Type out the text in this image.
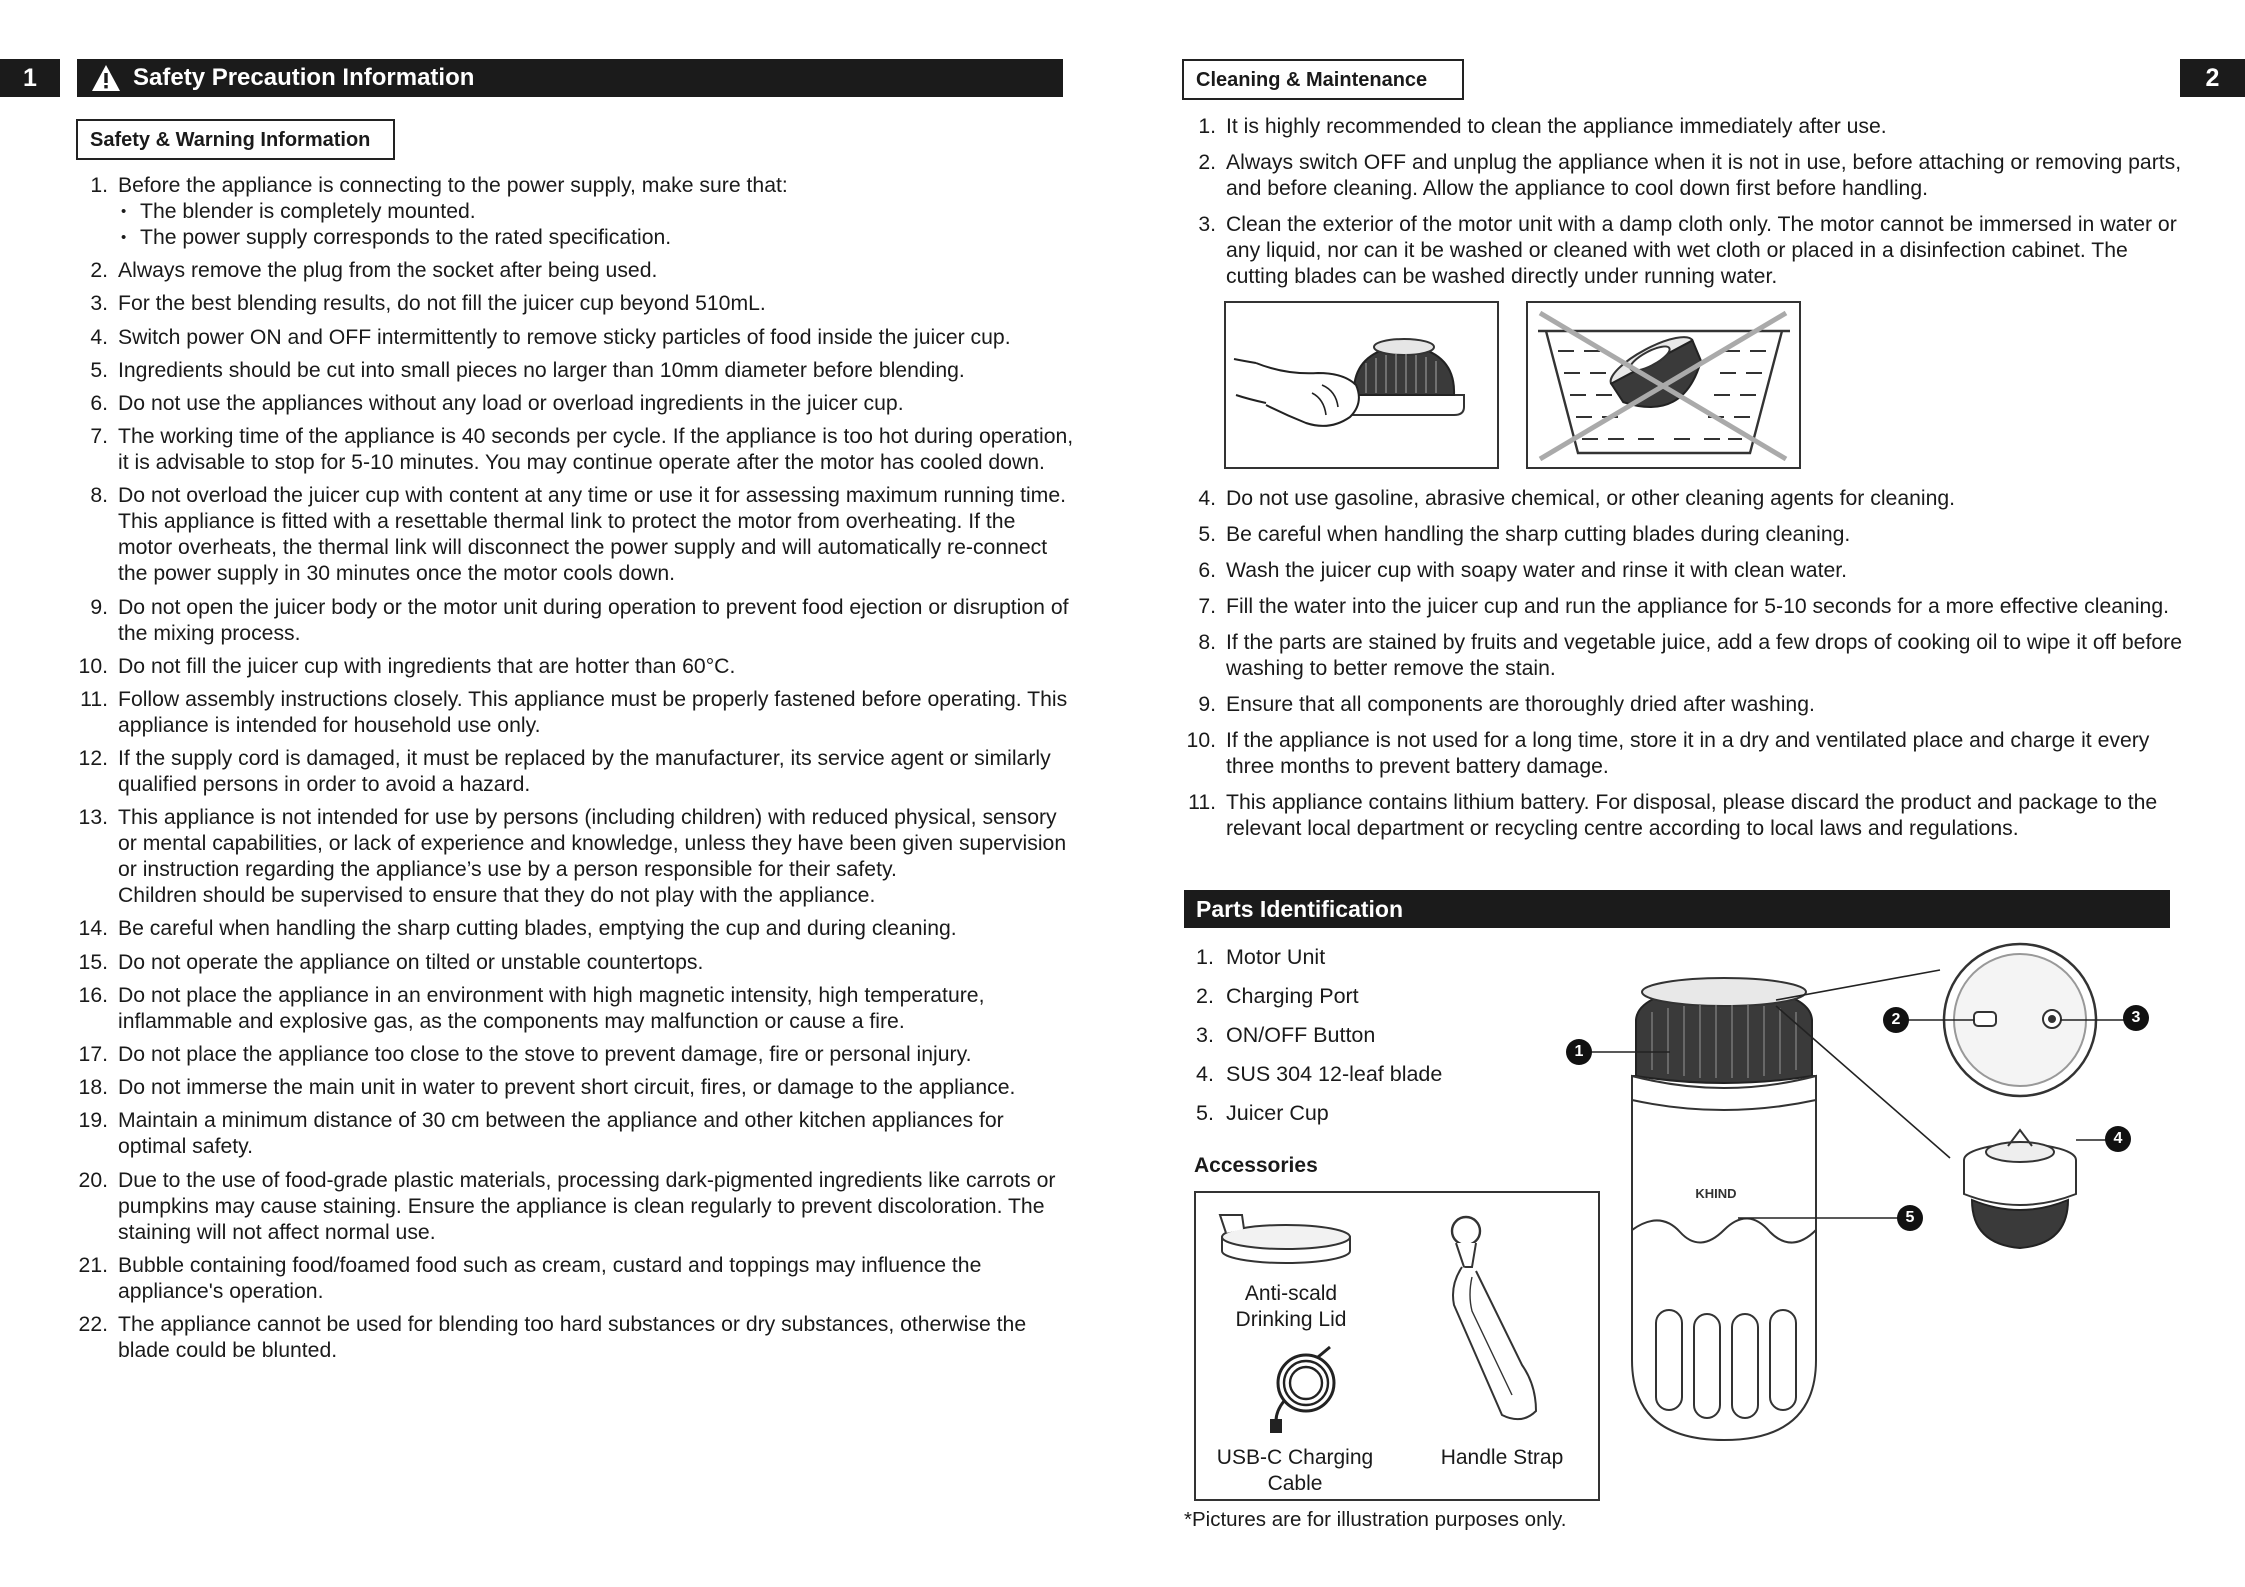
1	Safety Precaution Information
Safety & Warning Information
1. Before the appliance is connecting to the power supply, make sure that:
• The blender is completely mounted.
• The power supply corresponds to the rated specification.
2. Always remove the plug from the socket after being used.
3. For the best blending results, do not fill the juicer cup beyond 510mL.
4. Switch power ON and OFF intermittently to remove sticky particles of food inside the juicer cup.
5. Ingredients should be cut into small pieces no larger than 10mm diameter before blending.
6. Do not use the appliances without any load or overload ingredients in the juicer cup.
7. The working time of the appliance is 40 seconds per cycle. If the appliance is too hot during operation, it is advisable to stop for 5-10 minutes. You may continue operate after the motor has cooled down.
8. Do not overload the juicer cup with content at any time or use it for assessing maximum running time. This appliance is fitted with a resettable thermal link to protect the motor from overheating. If the motor overheats, the thermal link will disconnect the power supply and will automatically re-connect the power supply in 30 minutes once the motor cools down.
9. Do not open the juicer body or the motor unit during operation to prevent food ejection or disruption of the mixing process.
10. Do not fill the juicer cup with ingredients that are hotter than 60°C.
11. Follow assembly instructions closely. This appliance must be properly fastened before operating. This appliance is intended for household use only.
12. If the supply cord is damaged, it must be replaced by the manufacturer, its service agent or similarly qualified persons in order to avoid a hazard.
13. This appliance is not intended for use by persons (including children) with reduced physical, sensory or mental capabilities, or lack of experience and knowledge, unless they have been given supervision or instruction regarding the appliance’s use by a person responsible for their safety.
Children should be supervised to ensure that they do not play with the appliance.
14. Be careful when handling the sharp cutting blades, emptying the cup and during cleaning.
15. Do not operate the appliance on tilted or unstable countertops.
16. Do not place the appliance in an environment with high magnetic intensity, high temperature, inflammable and explosive gas, as the components may malfunction or cause a fire.
17. Do not place the appliance too close to the stove to prevent damage, fire or personal injury.
18. Do not immerse the main unit in water to prevent short circuit, fires, or damage to the appliance.
19. Maintain a minimum distance of 30 cm between the appliance and other kitchen appliances for optimal safety.
20. Due to the use of food-grade plastic materials, processing dark-pigmented ingredients like carrots or pumpkins may cause staining. Ensure the appliance is clean regularly to prevent discoloration. The staining will not affect normal use.
21. Bubble containing food/foamed food such as cream, custard and toppings may influence the appliance's operation.
22. The appliance cannot be used for blending too hard substances or dry substances, otherwise the blade could be blunted.
Cleaning & Maintenance	2
1. It is highly recommended to clean the appliance immediately after use.
2. Always switch OFF and unplug the appliance when it is not in use, before attaching or removing parts, and before cleaning. Allow the appliance to cool down first before handling.
3. Clean the exterior of the motor unit with a damp cloth only. The motor cannot be immersed in water or any liquid, nor can it be washed or cleaned with wet cloth or placed in a disinfection cabinet. The cutting blades can be washed directly under running water.
4. Do not use gasoline, abrasive chemical, or other cleaning agents for cleaning.
5. Be careful when handling the sharp cutting blades during cleaning.
6. Wash the juicer cup with soapy water and rinse it with clean water.
7. Fill the water into the juicer cup and run the appliance for 5-10 seconds for a more effective cleaning.
8. If the parts are stained by fruits and vegetable juice, add a few drops of cooking oil to wipe it off before washing to better remove the stain.
9. Ensure that all components are thoroughly dried after washing.
10. If the appliance is not used for a long time, store it in a dry and ventilated place and charge it every three months to prevent battery damage.
11. This appliance contains lithium battery. For disposal, please discard the product and package to the relevant local department or recycling centre according to local laws and regulations.
Parts Identification
1. Motor Unit
2. Charging Port
3. ON/OFF Button
4. SUS 304 12-leaf blade
5. Juicer Cup
Accessories
Anti-scald Drinking Lid
USB-C Charging Cable
Handle Strap
*Pictures are for illustration purposes only.
KHIND
1
2	3
4
5
